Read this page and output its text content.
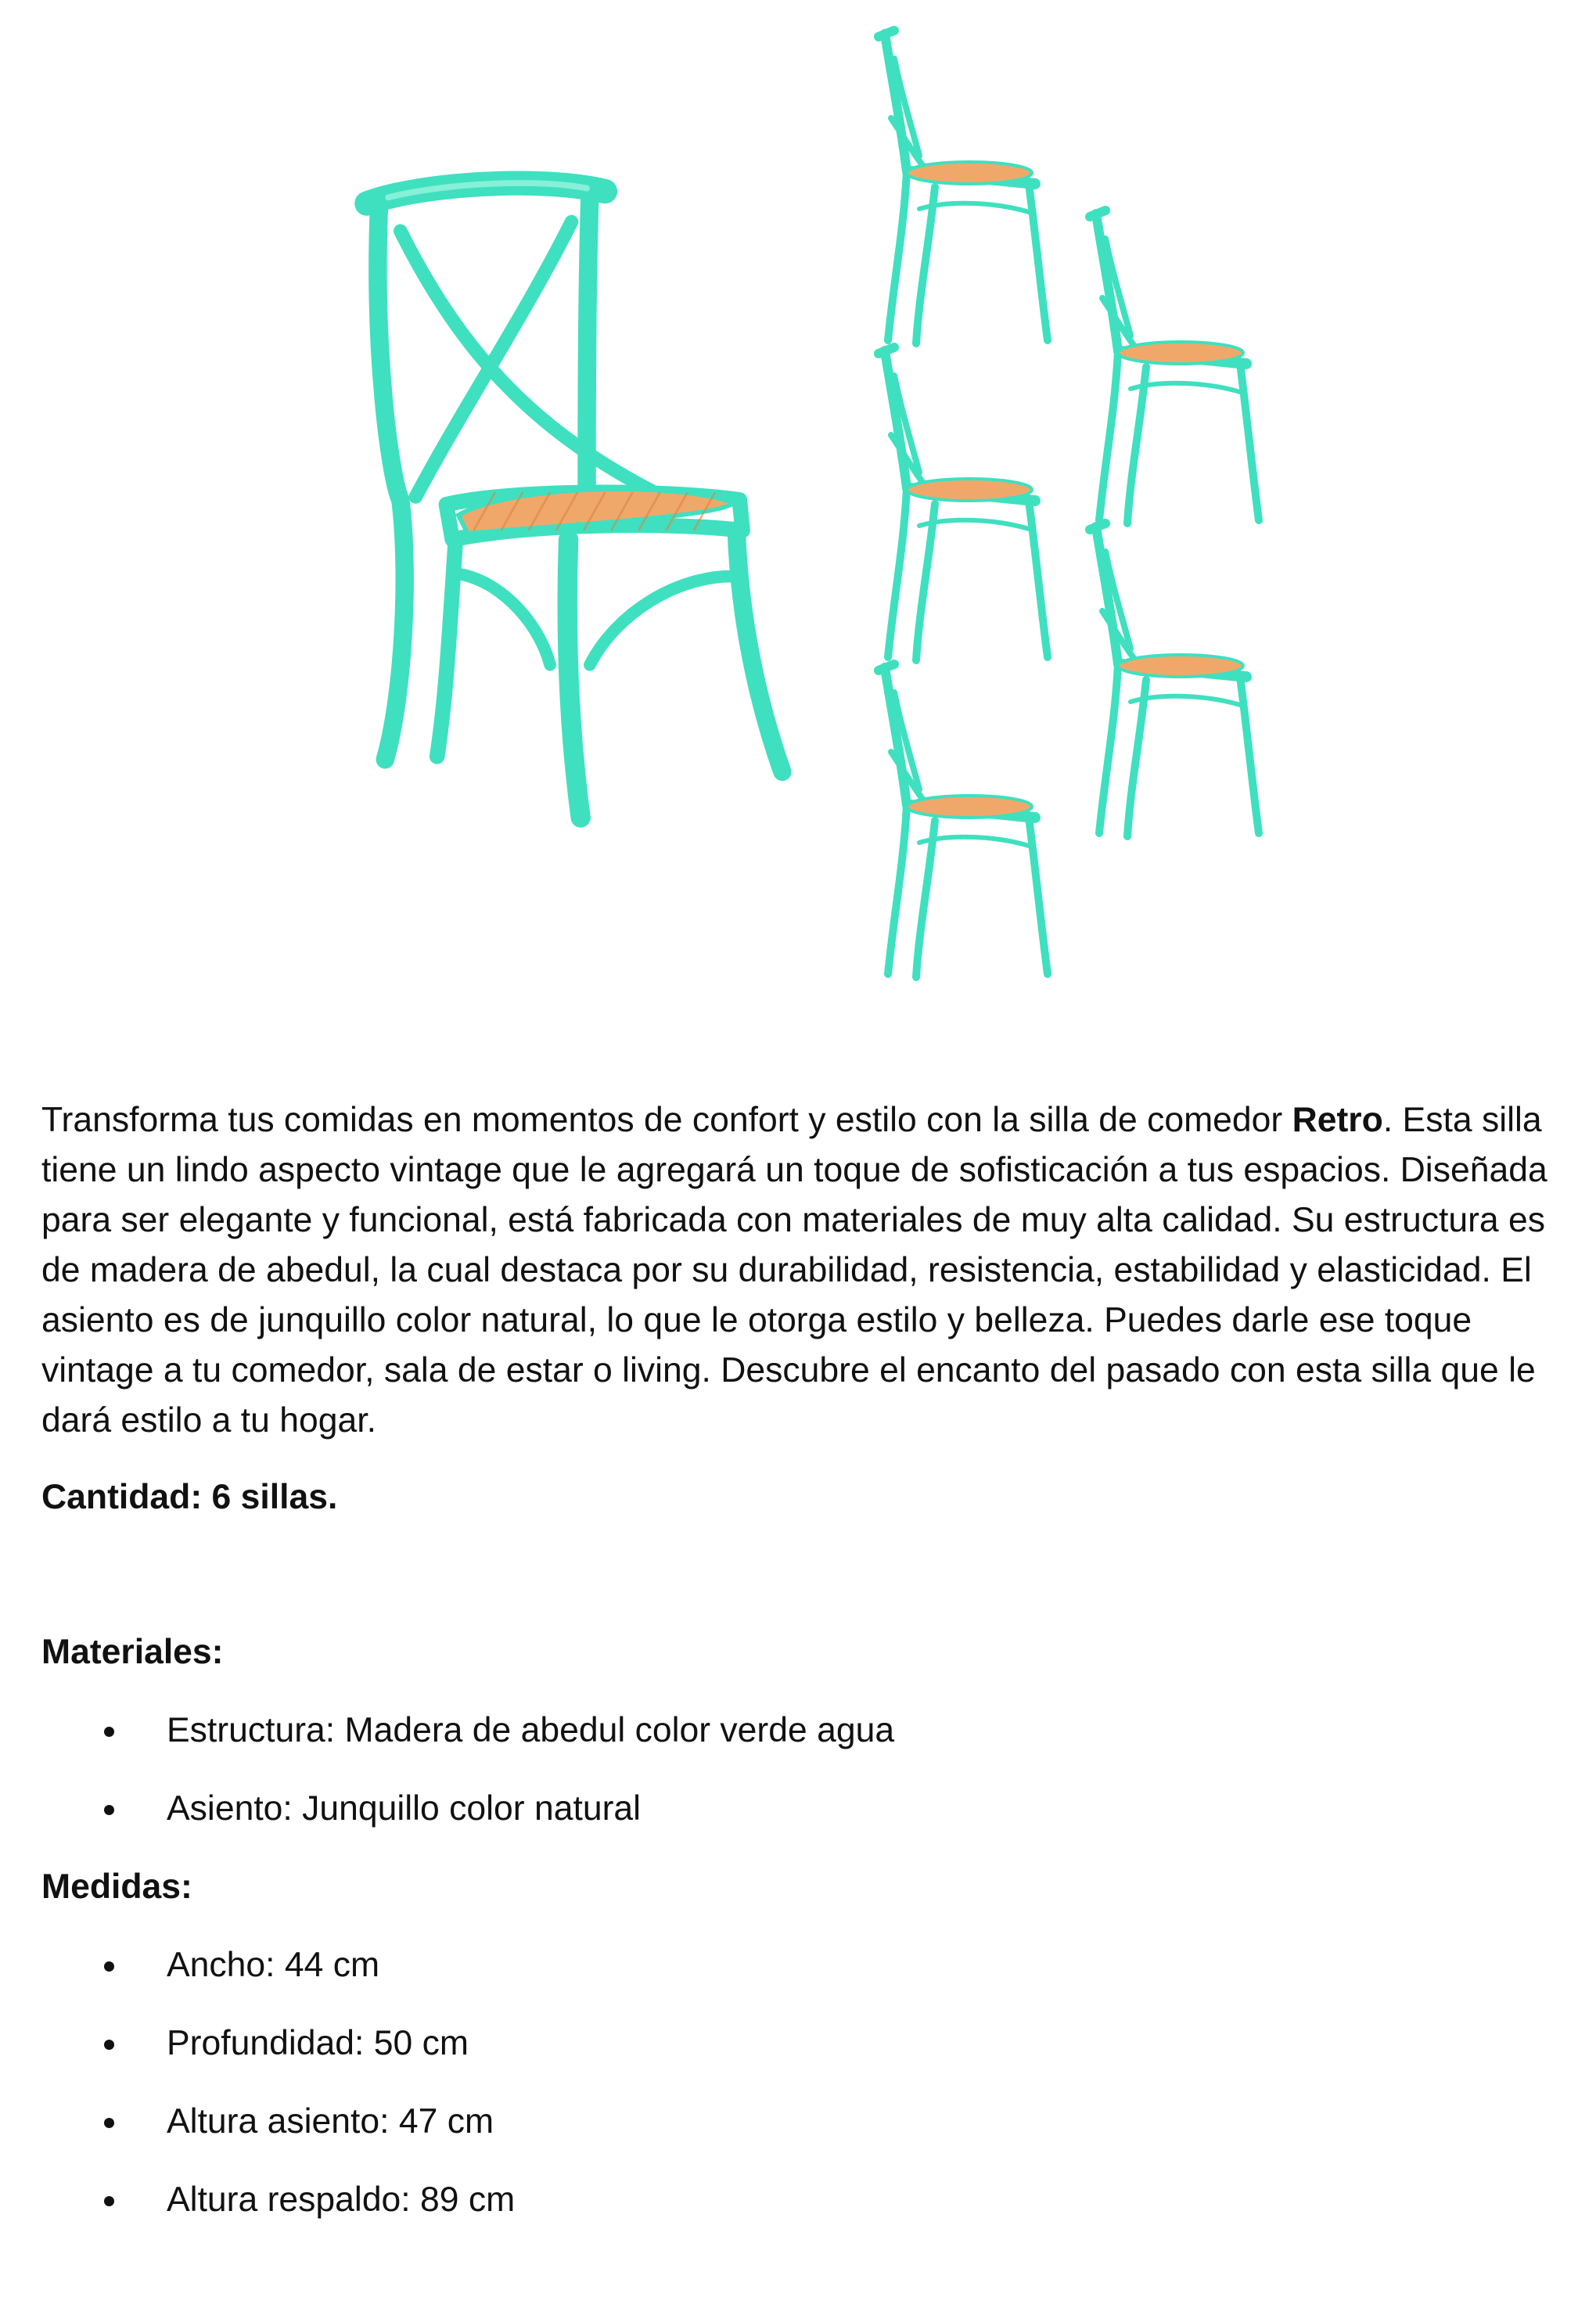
Transforma tus comidas en momentos de confort y estilo con la silla de comedor Retro. Esta silla tiene un lindo aspecto vintage que le agregará un toque de sofisticación a tus espacios. Diseñada para ser elegante y funcional, está fabricada con materiales de muy alta calidad. Su estructura es de madera de abedul, la cual destaca por su durabilidad, resistencia, estabilidad y elasticidad. El asiento es de junquillo color natural, lo que le otorga estilo y belleza. Puedes darle ese toque vintage a tu comedor, sala de estar o living. Descubre el encanto del pasado con esta silla que le dará estilo a tu hogar.

Cantidad: 6 sillas.

Materiales:

Estructura: Madera de abedul color verde agua
Asiento: Junquillo color natural

Medidas:

Ancho: 44 cm
Profundidad: 50 cm
Altura asiento: 47 cm
Altura respaldo: 89 cm
